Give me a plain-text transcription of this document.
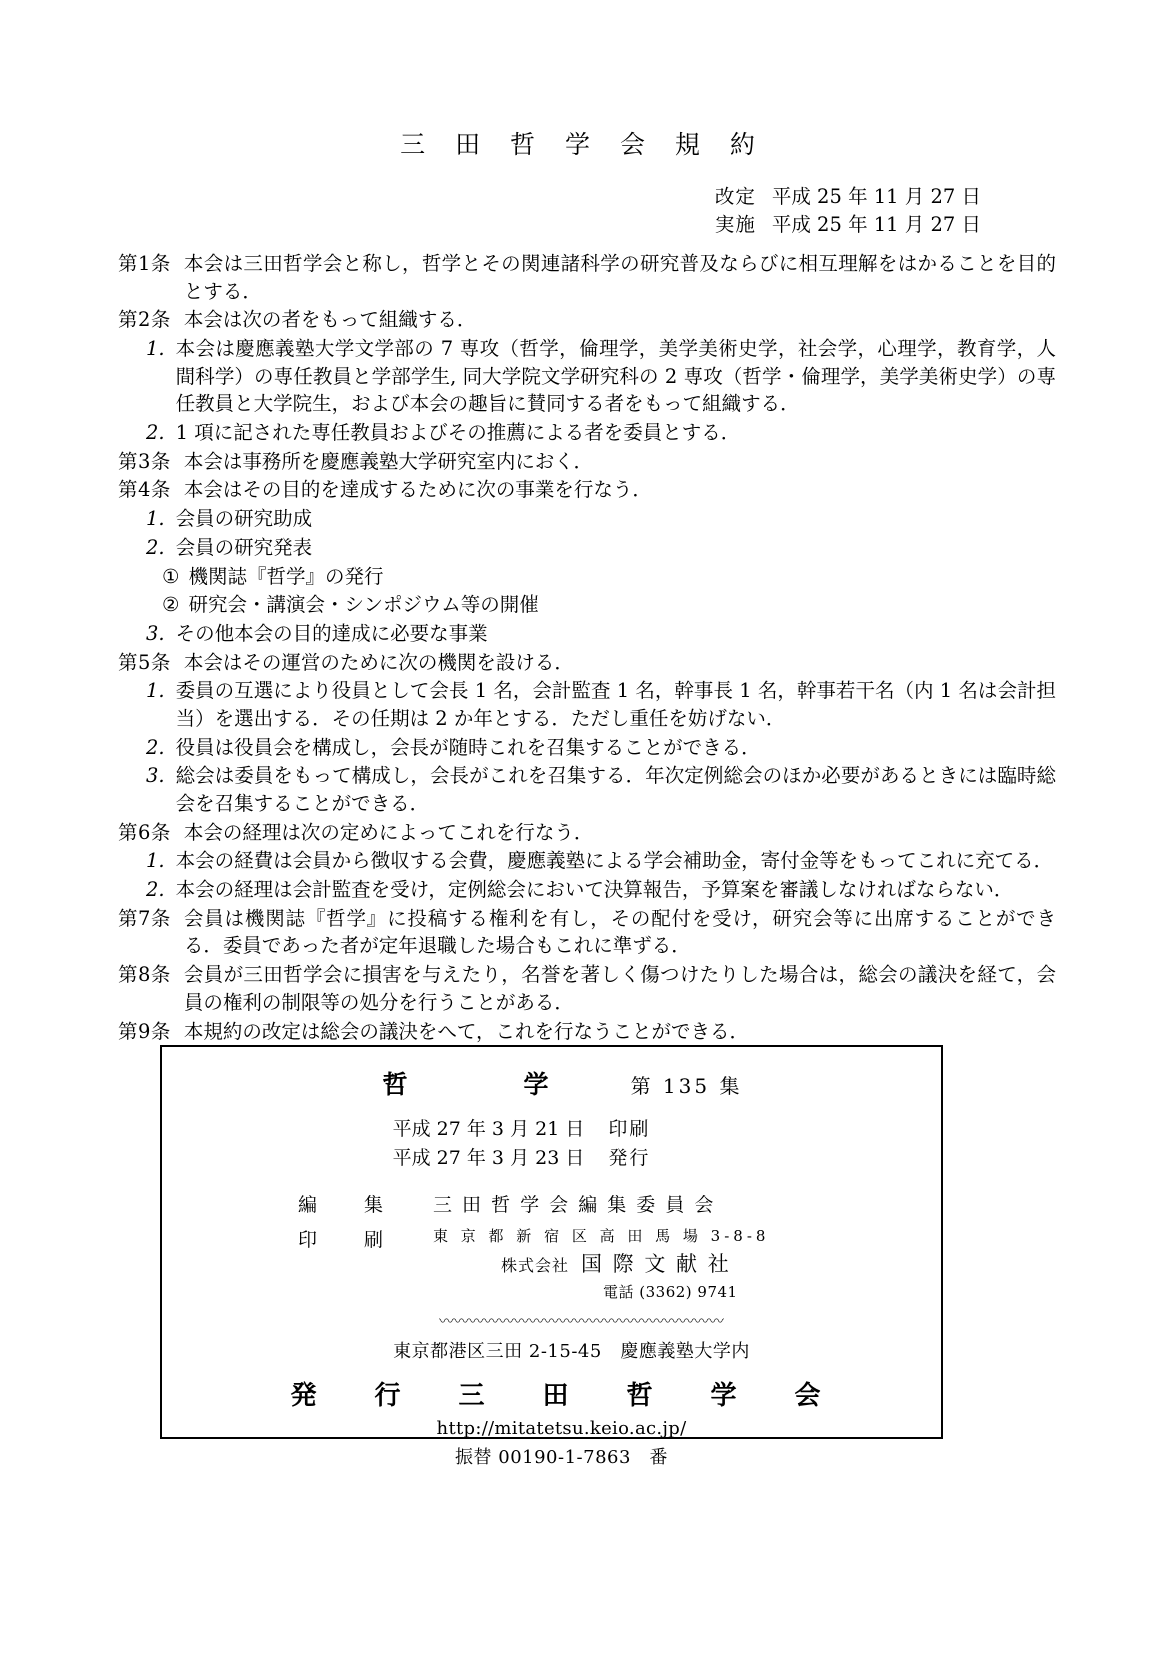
三 田 哲 学 会 規 約
改定 平成 25 年 11 月 27 日
実施 平成 25 年 11 月 27 日
第1条 本会は三田哲学会と称し，哲学とその関連諸科学の研究普及ならびに相互理解をはかることを目的とする．
第2条 本会は次の者をもって組織する．
1. 本会は慶應義塾大学文学部の 7 専攻（哲学，倫理学，美学美術史学，社会学，心理学，教育学，人間科学）の専任教員と学部学生, 同大学院文学研究科の 2 専攻（哲学・倫理学，美学美術史学）の専任教員と大学院生，および本会の趣旨に賛同する者をもって組織する．
2. 1 項に記された専任教員およびその推薦による者を委員とする．
第3条 本会は事務所を慶應義塾大学研究室内におく．
第4条 本会はその目的を達成するために次の事業を行なう．
1. 会員の研究助成
2. 会員の研究発表
① 機関誌『哲学』の発行
② 研究会・講演会・シンポジウム等の開催
3. その他本会の目的達成に必要な事業
第5条 本会はその運営のために次の機関を設ける．
1. 委員の互選により役員として会長 1 名，会計監査 1 名，幹事長 1 名，幹事若干名（内 1 名は会計担当）を選出する．その任期は 2 か年とする．ただし重任を妨げない．
2. 役員は役員会を構成し，会長が随時これを召集することができる．
3. 総会は委員をもって構成し，会長がこれを召集する．年次定例総会のほか必要があるときには臨時総会を召集することができる．
第6条 本会の経理は次の定めによってこれを行なう．
1. 本会の経費は会員から徴収する会費，慶應義塾による学会補助金，寄付金等をもってこれに充てる．
2. 本会の経理は会計監査を受け，定例総会において決算報告，予算案を審議しなければならない．
第7条 会員は機関誌『哲学』に投稿する権利を有し，その配付を受け，研究会等に出席することができる．委員であった者が定年退職した場合もこれに準ずる．
第8条 会員が三田哲学会に損害を与えたり，名誉を著しく傷つけたりした場合は，総会の議決を経て，会員の権利の制限等の処分を行うことがある．
第9条 本規約の改定は総会の議決をへて，これを行なうことができる．
哲　　学	第 135 集
平成 27 年 3 月 21 日 印刷
平成 27 年 3 月 23 日 発行
編　集	三 田 哲 学 会 編 集 委 員 会
印　刷	東 京 都 新 宿 区 高 田 馬 場 3-8-8
株式会社 国 際 文 献 社
電話 (3362) 9741
〰〰〰〰〰〰〰〰〰〰〰〰〰〰〰〰〰〰〰
東京都港区三田 2-15-45　慶應義塾大学内
発　行　三　田　哲　学　会
http://mitatetsu.keio.ac.jp/
振替 00190-1-7863　番
